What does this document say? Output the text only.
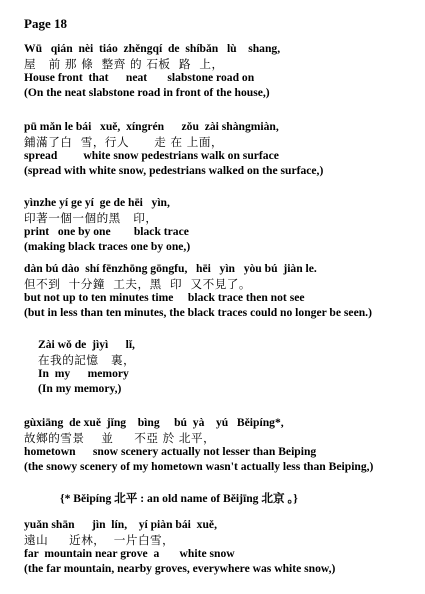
Page 18
Wū   qián  nèi  tiáo  zhěngqí  de  shíbǎn   lù    shang,
屋   前 那 條  整齊 的 石板  路  上，
House front  that      neat       slabstone road on
(On the neat slabstone road in front of the house,)
pū mǎn le bái   xuě,  xíngrén      zǒu  zài shàngmiàn,
鋪滿了白  雪，行人      走 在 上面，
spread         white snow pedestrians walk on surface
(spread with white snow, pedestrians walked on the surface,)
yìnzhe yí ge yí  ge de hēi   yìn,
印著一個一個的黑   印，
print   one by one        black trace
(making black traces one by one,)
dàn bú dào  shí fēnzhōng gōngfu,   hēi   yìn   yòu bú  jiàn le.
但不到  十分鐘  工夫，黑  印  又不見了。
but not up to ten minutes time     black trace then not see
(but in less than ten minutes, the black traces could no longer be seen.)
Zài wǒ de  jìyì      lǐ,
在我的記憶   裏，
In  my      memory
(In my memory,)
gùxiāng  de xuě  jǐng    bìng     bú  yà    yú   Běipíng*,
故鄉的雪景    並     不亞 於 北平，
hometown      snow scenery actually not lesser than Beiping
(the snowy scenery of my hometown wasn't actually less than Beiping,)
{* Běipíng 北平 : an old name of Běijīng 北京 。}
yuǎn shān      jìn  lín,    yí piàn bái  xuě,
遠山     近林，  一片白雪，
far  mountain near grove  a       white snow
(the far mountain, nearby groves, everywhere was white snow,)
